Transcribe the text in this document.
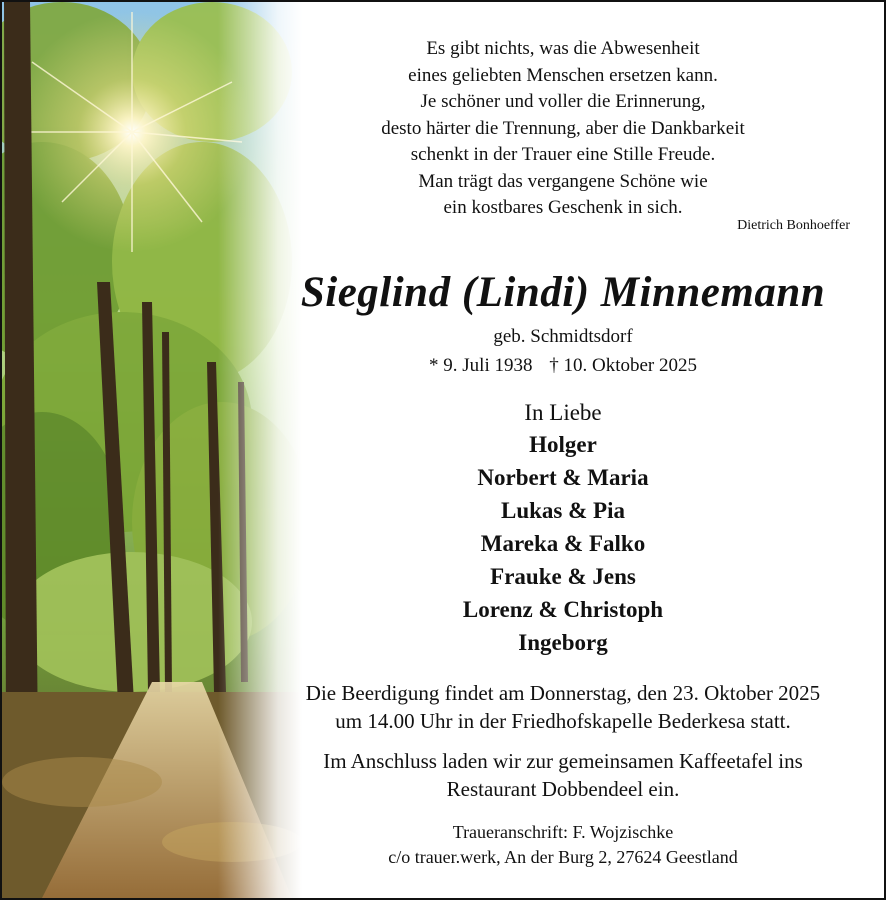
Es gibt nichts, was die Abwesenheit
eines geliebten Menschen ersetzen kann.
Je schöner und voller die Erinnerung,
desto härter die Trennung, aber die Dankbarkeit
schenkt in der Trauer eine Stille Freude.
Man trägt das vergangene Schöne wie
ein kostbares Geschenk in sich.
Dietrich Bonhoeffer
Sieglind (Lindi) Minnemann
geb. Schmidtsdorf
* 9. Juli 1938 † 10. Oktober 2025
In Liebe
Holger
Norbert & Maria
Lukas & Pia
Mareka & Falko
Frauke & Jens
Lorenz & Christoph
Ingeborg
Die Beerdigung findet am Donnerstag, den 23. Oktober 2025
um 14.00 Uhr in der Friedhofskapelle Bederkesa statt.
Im Anschluss laden wir zur gemeinsamen Kaffeetafel ins
Restaurant Dobbendeel ein.
Traueranschrift: F. Wojzischke
c/o trauer.werk, An der Burg 2, 27624 Geestland
